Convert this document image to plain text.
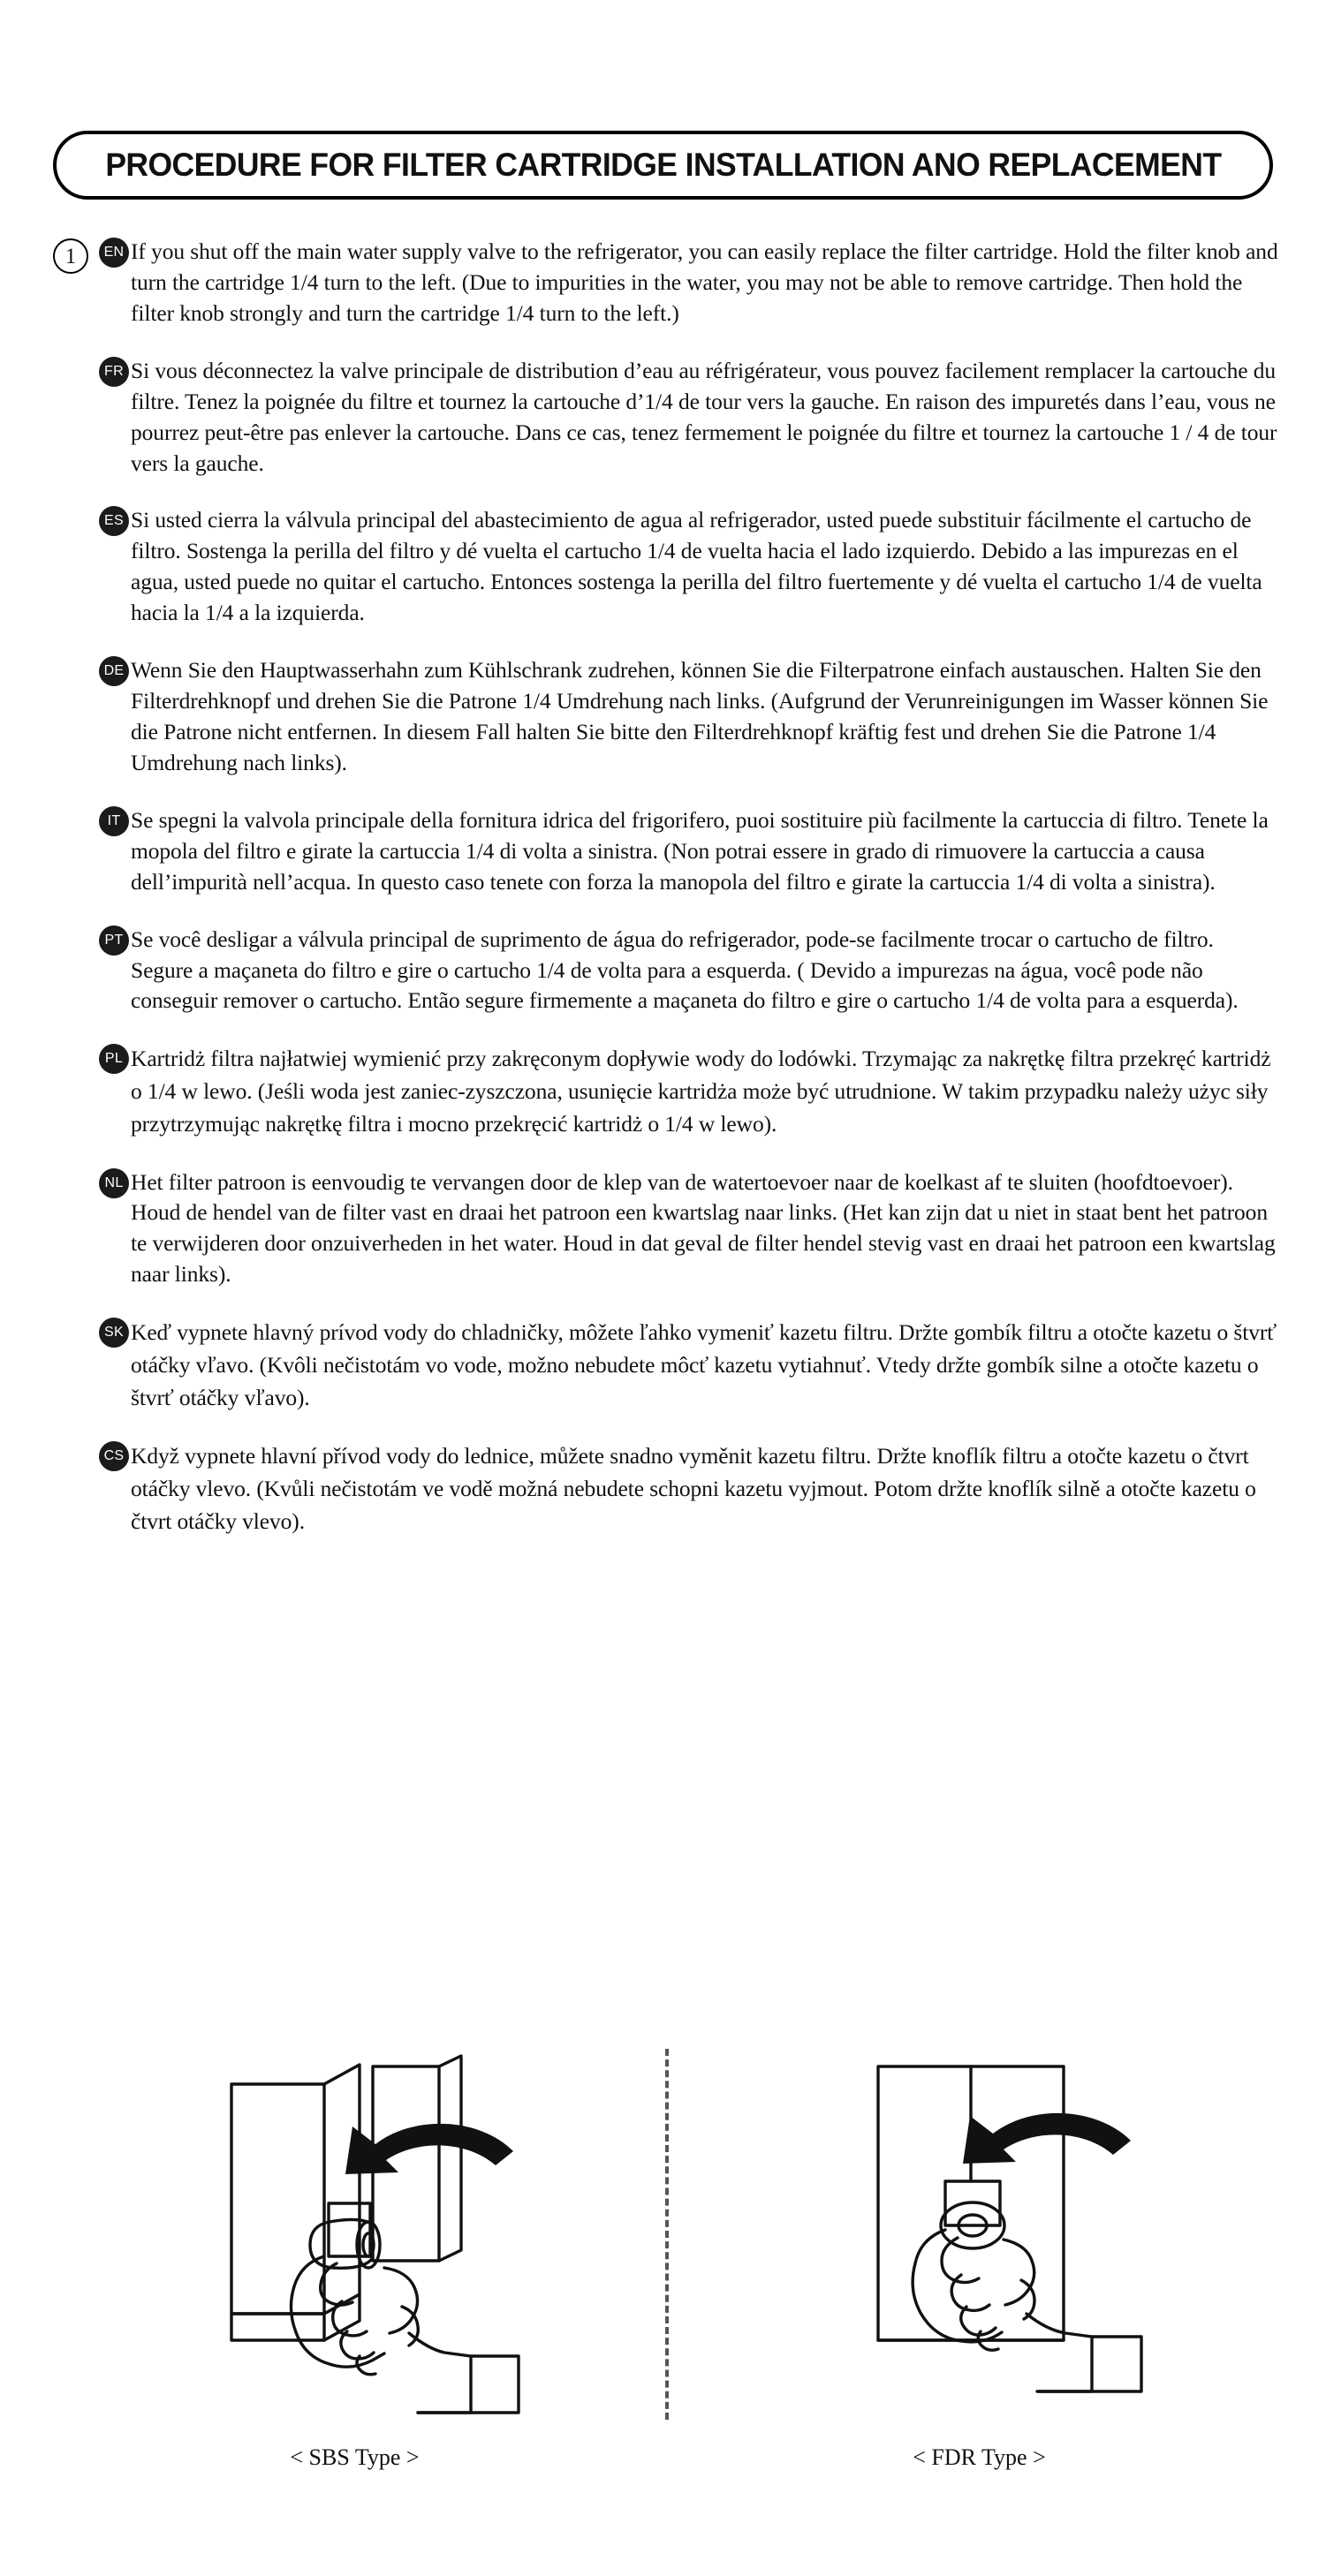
PROCEDURE FOR FILTER CARTRIDGE INSTALLATION ANO REPLACEMENT
1	EN If you shut off the main water supply valve to the refrigerator, you can easily replace the filter cartridge. Hold the filter knob and turn the cartridge 1/4 turn to the left. (Due to impurities in the water, you may not be able to remove cartridge. Then hold the filter knob strongly and turn the cartridge 1/4 turn to the left.)
FR Si vous déconnectez la valve principale de distribution d’eau au réfrigérateur, vous pouvez facilement remplacer la cartouche du filtre. Tenez la poignée du filtre et tournez la cartouche d’1/4 de tour vers la gauche. En raison des impuretés dans l’eau, vous ne pourrez peut-être pas enlever la cartouche. Dans ce cas, tenez fermement le poignée du filtre et tournez la cartouche 1 / 4 de tour vers la gauche.
ES Si usted cierra la válvula principal del abastecimiento de agua al refrigerador, usted puede substituir fácilmente el cartucho de filtro. Sostenga la perilla del filtro y dé vuelta el cartucho 1/4 de vuelta hacia el lado izquierdo. Debido a las impurezas en el agua, usted puede no quitar el cartucho. Entonces sostenga la perilla del filtro fuertemente y dé vuelta el cartucho 1/4 de vuelta hacia la 1/4 a la izquierda.
DE Wenn Sie den Hauptwasserhahn zum Kühlschrank zudrehen, können Sie die Filterpatrone einfach austauschen. Halten Sie den Filterdrehknopf und drehen Sie die Patrone 1/4 Umdrehung nach links. (Aufgrund der Verunreinigungen im Wasser können Sie die Patrone nicht entfernen. In diesem Fall halten Sie bitte den Filterdrehknopf kräftig fest und drehen Sie die Patrone 1/4 Umdrehung nach links).
IT Se spegni la valvola principale della fornitura idrica del frigorifero, puoi sostituire più facilmente la cartuccia di filtro. Tenete la mopola del filtro e girate la cartuccia 1/4 di volta a sinistra. (Non potrai essere in grado di rimuovere la cartuccia a causa dell’impurità nell’acqua. In questo caso tenete con forza la manopola del filtro e girate la cartuccia 1/4 di volta a sinistra).
PT Se você desligar a válvula principal de suprimento de água do refrigerador, pode-se facilmente trocar o cartucho de filtro. Segure a maçaneta do filtro e gire o cartucho 1/4 de volta para a esquerda. ( Devido a impurezas na água, você pode não conseguir remover o cartucho. Então segure firmemente a maçaneta do filtro e gire o cartucho 1/4 de volta para a esquerda).
PL Kartridż filtra najłatwiej wymienić przy zakręconym dopływie wody do lodówki. Trzymając za nakrętkę filtra przekręć kartridż o 1/4 w lewo. (Jeśli woda jest zaniec-zyszczona, usunięcie kartridża może być utrudnione. W takim przypadku należy użyc siły przytrzymując nakrętkę filtra i mocno przekręcić kartridż o 1/4 w lewo).
NL Het filter patroon is eenvoudig te vervangen door de klep van de watertoevoer naar de koelkast af te sluiten (hoofdtoevoer). Houd de hendel van de filter vast en draai het patroon een kwartslag naar links. (Het kan zijn dat u niet in staat bent het patroon te verwijderen door onzuiverheden in het water. Houd in dat geval de filter hendel stevig vast en draai het patroon een kwartslag naar links).
SK Keď vypnete hlavný prívod vody do chladničky, môžete ľahko vymeniť kazetu filtru. Držte gombík filtru a otočte kazetu o štvrť otáčky vľavo. (Kvôli nečistotám vo vode, možno nebudete môcť kazetu vytiahnuť. Vtedy držte gombík silne a otočte kazetu o štvrť otáčky vľavo).
CS Když vypnete hlavní přívod vody do lednice, můžete snadno vyměnit kazetu filtru. Držte knoflík filtru a otočte kazetu o čtvrt otáčky vlevo. (Kvůli nečistotám ve vodě možná nebudete schopni kazetu vyjmout. Potom držte knoflík silně a otočte kazetu o čtvrt otáčky vlevo).
< SBS Type >	< FDR Type >
